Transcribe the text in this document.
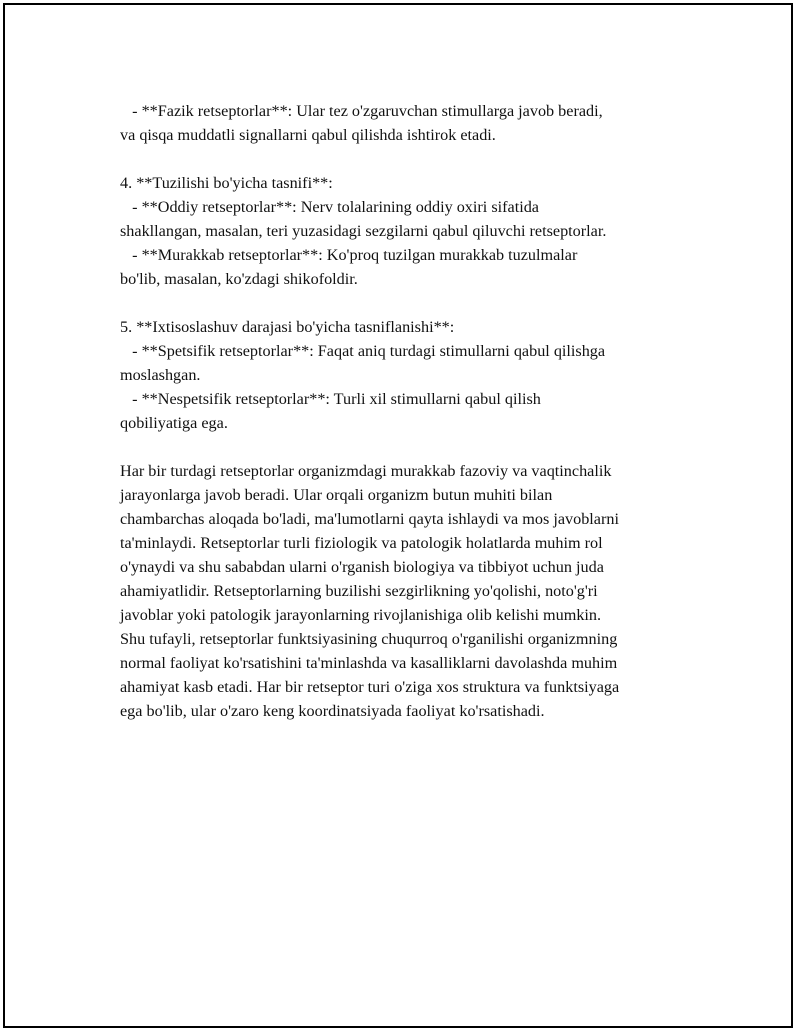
- **Fazik retseptorlar**: Ular tez o'zgaruvchan stimullarga javob beradi,
va qisqa muddatli signallarni qabul qilishda ishtirok etadi.
4. **Tuzilishi bo'yicha tasnifi**:
- **Oddiy retseptorlar**: Nerv tolalarining oddiy oxiri sifatida
shakllangan, masalan, teri yuzasidagi sezgilarni qabul qiluvchi retseptorlar.
- **Murakkab retseptorlar**: Ko'proq tuzilgan murakkab tuzulmalar
bo'lib, masalan, ko'zdagi shikofoldir.
5. **Ixtisoslashuv darajasi bo'yicha tasniflanishi**:
- **Spetsifik retseptorlar**: Faqat aniq turdagi stimullarni qabul qilishga
moslashgan.
- **Nespetsifik retseptorlar**: Turli xil stimullarni qabul qilish
qobiliyatiga ega.
Har bir turdagi retseptorlar organizmdagi murakkab fazoviy va vaqtinchalik
jarayonlarga javob beradi. Ular orqali organizm butun muhiti bilan
chambarchas aloqada bo'ladi, ma'lumotlarni qayta ishlaydi va mos javoblarni
ta'minlaydi. Retseptorlar turli fiziologik va patologik holatlarda muhim rol
o'ynaydi va shu sababdan ularni o'rganish biologiya va tibbiyot uchun juda
ahamiyatlidir. Retseptorlarning buzilishi sezgirlikning yo'qolishi, noto'g'ri
javoblar yoki patologik jarayonlarning rivojlanishiga olib kelishi mumkin.
Shu tufayli, retseptorlar funktsiyasining chuqurroq o'rganilishi organizmning
normal faoliyat ko'rsatishini ta'minlashda va kasalliklarni davolashda muhim
ahamiyat kasb etadi. Har bir retseptor turi o'ziga xos struktura va funktsiyaga
ega bo'lib, ular o'zaro keng koordinatsiyada faoliyat ko'rsatishadi.
